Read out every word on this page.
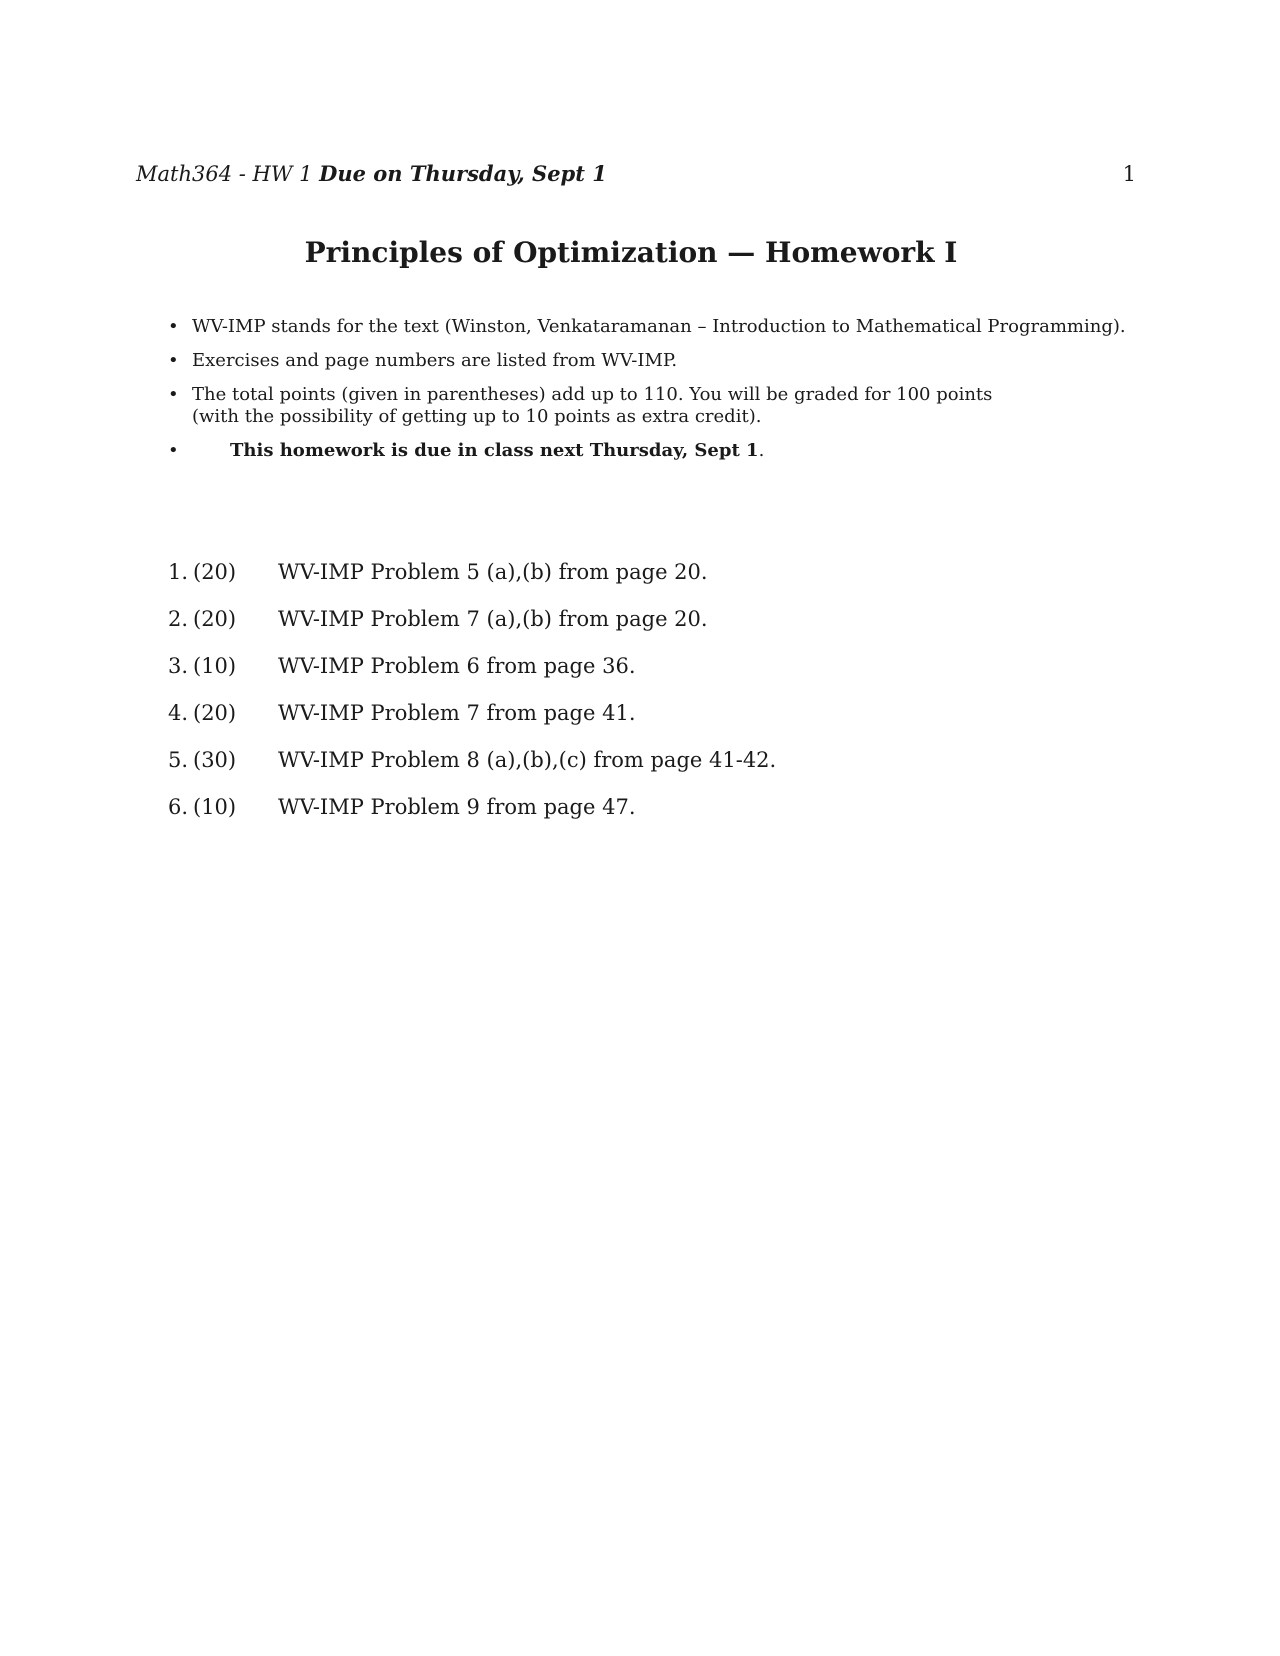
Math364 - HW 1 Due on Thursday, Sept 1	1
Principles of Optimization — Homework I
• WV-IMP stands for the text (Winston, Venkataramanan – Introduction to Mathematical Programming).
• Exercises and page numbers are listed from WV-IMP.
• The total points (given in parentheses) add up to 110. You will be graded for 100 points
(with the possibility of getting up to 10 points as extra credit).
•	This homework is due in class next Thursday, Sept 1.
1. (20) WV-IMP Problem 5 (a),(b) from page 20.
2. (20) WV-IMP Problem 7 (a),(b) from page 20.
3. (10) WV-IMP Problem 6 from page 36.
4. (20) WV-IMP Problem 7 from page 41.
5. (30) WV-IMP Problem 8 (a),(b),(c) from page 41-42.
6. (10) WV-IMP Problem 9 from page 47.
